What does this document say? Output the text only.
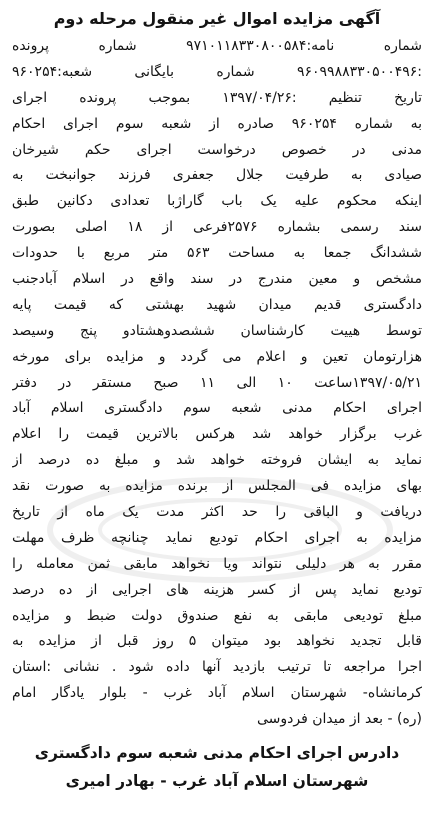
آگهی مزایده اموال غیر منقول مرحله دوم
شماره نامه:۹۷۱۰۱۱۸۳۳۰۸۰۰۵۸۴ شماره پرونده
:۹۶۰۹۹۸۸۳۳۰۵۰۰۴۹۶ شماره بایگانی شعبه:۹۶۰۲۵۴
تاریخ تنظیم :۱۳۹۷/۰۴/۲۶ بموجب پرونده اجرای
به شماره ۹۶۰۲۵۴ صادره از شعبه سوم اجرای احکام
مدنی در خصوص درخواست اجرای حکم شیرخان
صیادی به طرفیت جلال جعفری فرزند جوانبخت به
اینکه محکوم علیه یک باب گاراژبا تعدادی دکانین طبق
سند رسمی بشماره ۲۵۷۶فرعی از ۱۸ اصلی بصورت
ششدانگ جمعا به مساحت ۵۶۳ متر مربع با حدودات
مشخص و معین مندرج در سند واقع در اسلام آبادجنب
دادگستری قدیم میدان شهید بهشتی که قیمت پایه
توسط هییت کارشناسان ششصدوهشتادو پنج وسیصد
هزارتومان تعین و اعلام می گردد و مزایده برای مورخه
۱۳۹۷/۰۵/۲۱ساعت ۱۰ الی ۱۱ صبح مستقر در دفتر
اجرای احکام مدنی شعبه سوم دادگستری اسلام آباد
غرب برگزار خواهد شد هرکس بالاترین قیمت را اعلام
نماید به ایشان فروخته خواهد شد و مبلغ ده درصد از
بهای مزایده فی المجلس از برنده مزایده به صورت نقد
دریافت و الباقی را حد اکثر مدت یک ماه از تاریخ
مزایده به اجرای احکام تودیع نماید چنانچه ظرف مهلت
مقرر به هر دلیلی نتواند ویا نخواهد مابقی ثمن معامله را
تودیع نماید پس از کسر هزینه های اجرایی از ده درصد
مبلغ تودیعی مابقی به نفع صندوق دولت ضبط و مزایده
قابل تجدید نخواهد بود میتوان ۵ روز قبل از مزایده به
اجرا مراجعه تا ترتیب بازدید آنها داده شود . نشانی :استان
کرمانشاه- شهرستان اسلام آباد غرب - بلوار یادگار امام
(ره) - بعد از میدان فردوسی
دادرس اجرای احکام مدنی شعبه سوم دادگستری
شهرستان اسلام آباد غرب - بهادر امیری
